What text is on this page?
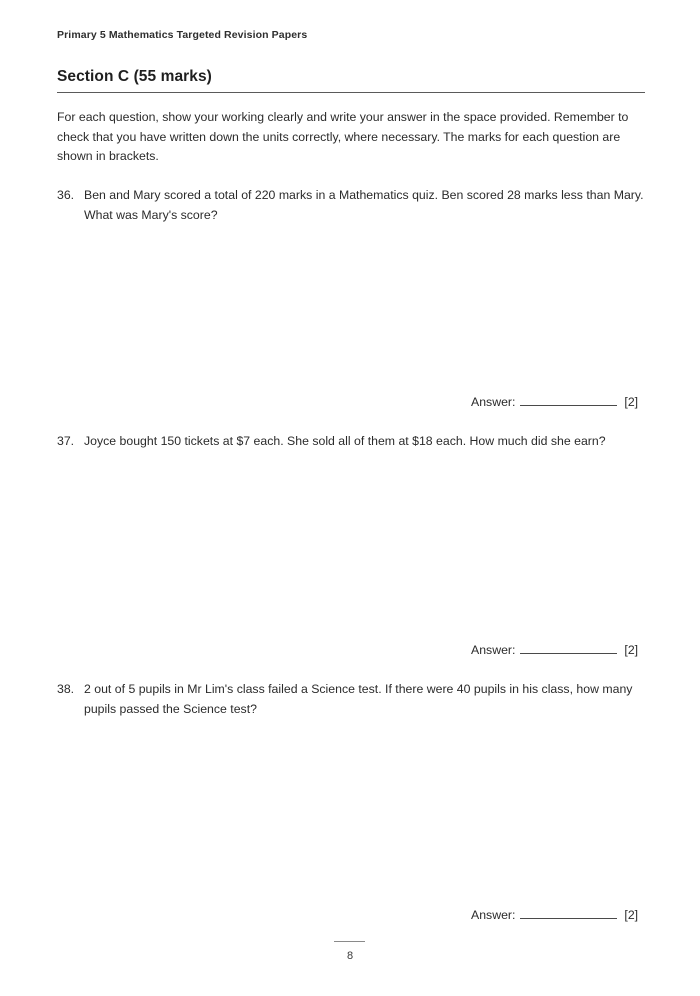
Primary 5 Mathematics Targeted Revision Papers
Section C (55 marks)
For each question, show your working clearly and write your answer in the space provided. Remember to check that you have written down the units correctly, where necessary. The marks for each question are shown in brackets.
36. Ben and Mary scored a total of 220 marks in a Mathematics quiz. Ben scored 28 marks less than Mary. What was Mary's score?
Answer:	[2]
37. Joyce bought 150 tickets at $7 each. She sold all of them at $18 each. How much did she earn?
Answer:	[2]
38. 2 out of 5 pupils in Mr Lim's class failed a Science test. If there were 40 pupils in his class, how many pupils passed the Science test?
Answer:	[2]
8
